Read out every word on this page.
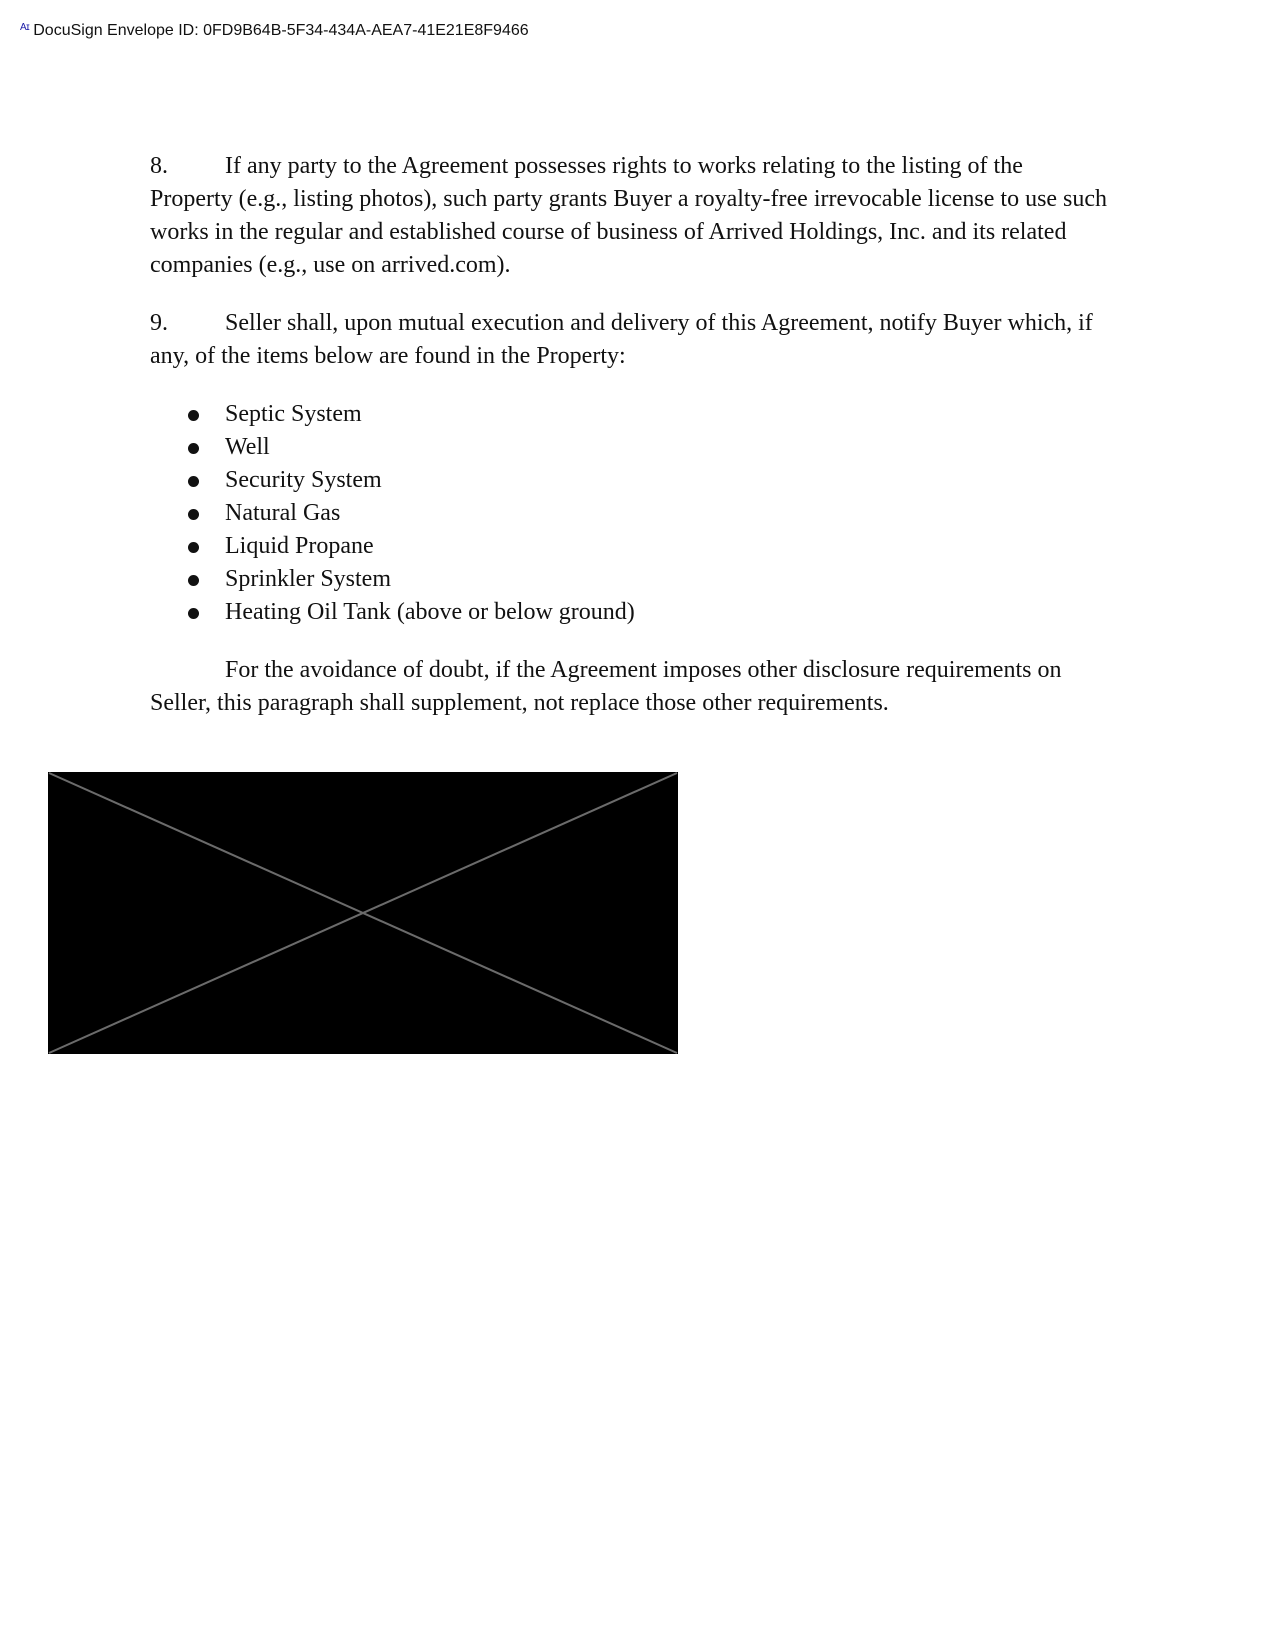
Aɪ DocuSign Envelope ID: 0FD9B64B-5F34-434A-AEA7-41E21E8F9466

8. If any party to the Agreement possesses rights to works relating to the listing of the Property (e.g., listing photos), such party grants Buyer a royalty-free irrevocable license to use such works in the regular and established course of business of Arrived Holdings, Inc. and its related companies (e.g., use on arrived.com).

9. Seller shall, upon mutual execution and delivery of this Agreement, notify Buyer which, if any, of the items below are found in the Property:

Septic System
Well
Security System
Natural Gas
Liquid Propane
Sprinkler System
Heating Oil Tank (above or below ground)

For the avoidance of doubt, if the Agreement imposes other disclosure requirements on Seller, this paragraph shall supplement, not replace those other requirements.
